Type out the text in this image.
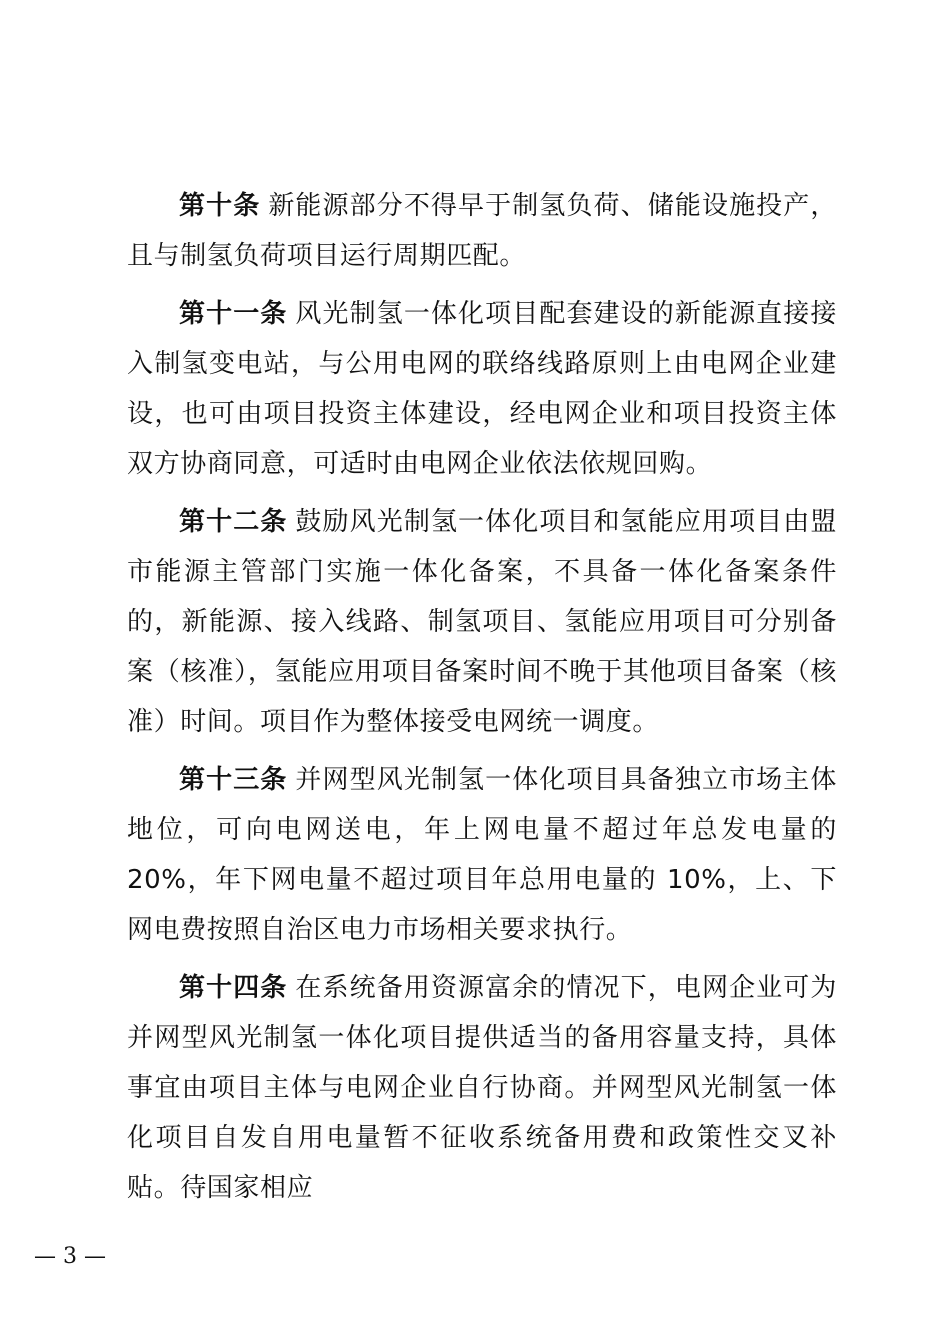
第十条 新能源部分不得早于制氢负荷、储能设施投产，且与制氢负荷项目运行周期匹配。

第十一条 风光制氢一体化项目配套建设的新能源直接接入制氢变电站，与公用电网的联络线路原则上由电网企业建设，也可由项目投资主体建设，经电网企业和项目投资主体双方协商同意，可适时由电网企业依法依规回购。

第十二条 鼓励风光制氢一体化项目和氢能应用项目由盟市能源主管部门实施一体化备案，不具备一体化备案条件的，新能源、接入线路、制氢项目、氢能应用项目可分别备案（核准），氢能应用项目备案时间不晚于其他项目备案（核准）时间。项目作为整体接受电网统一调度。

第十三条 并网型风光制氢一体化项目具备独立市场主体地位，可向电网送电，年上网电量不超过年总发电量的 20%，年下网电量不超过项目年总用电量的 10%，上、下网电费按照自治区电力市场相关要求执行。

第十四条 在系统备用资源富余的情况下，电网企业可为并网型风光制氢一体化项目提供适当的备用容量支持，具体事宜由项目主体与电网企业自行协商。并网型风光制氢一体化项目自发自用电量暂不征收系统备用费和政策性交叉补贴。待国家相应

— 3 —
